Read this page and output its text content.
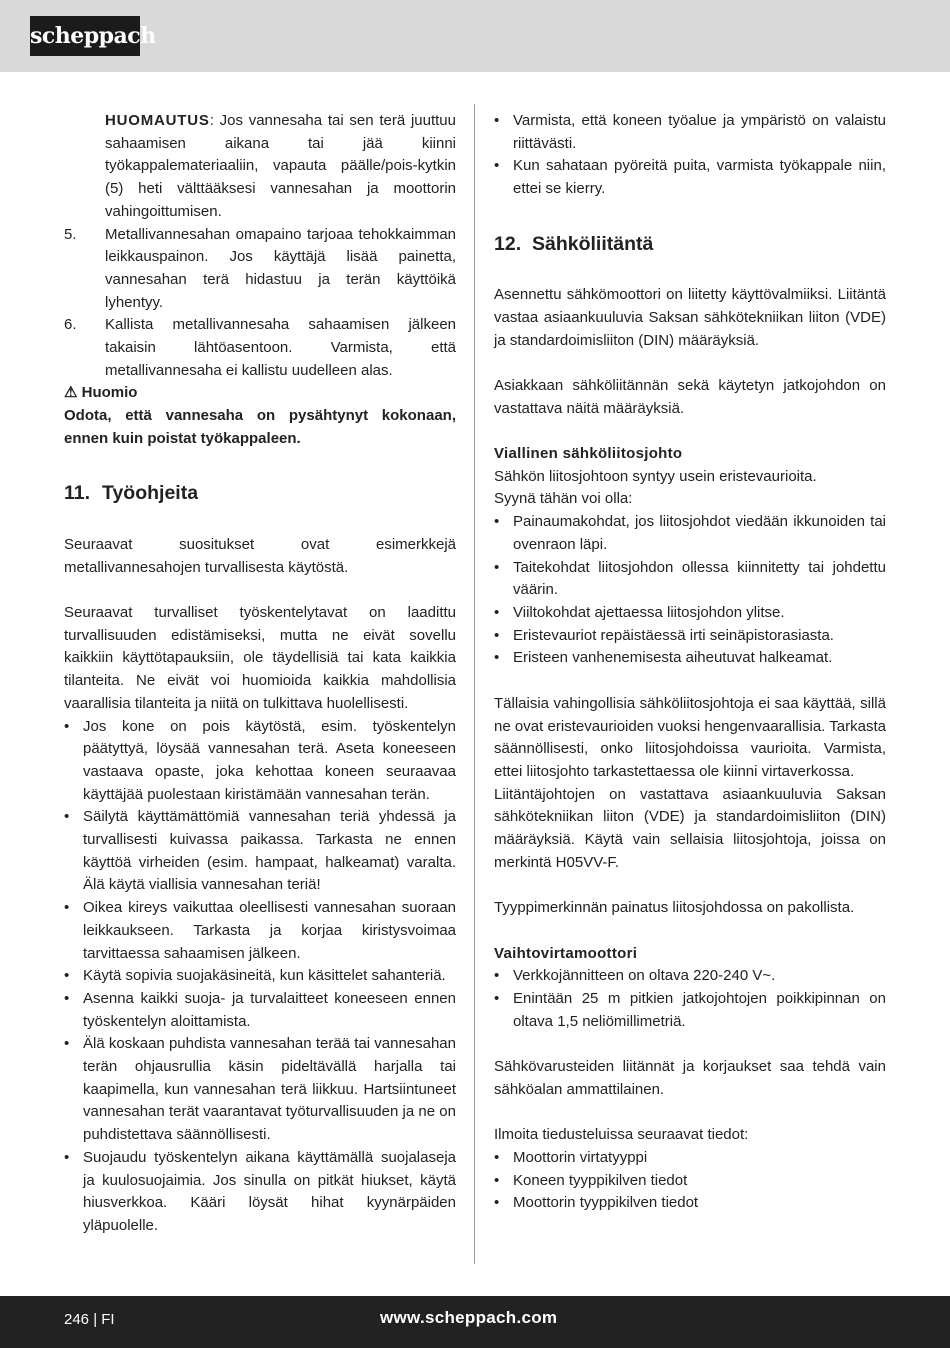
scheppach

HUOMAUTUS: Jos vannesaha tai sen terä juuttuu sahaamisen aikana tai jää kiinni työkappalemateriaaliin, vapauta päälle/pois-kytkin (5) heti välttääksesi vannesahan ja moottorin vahingoittumisen.

5. Metallivannesahan omapaino tarjoaa tehokkaimman leikkauspainon. Jos käyttäjä lisää painetta, vannesahan terä hidastuu ja terän käyttöikä lyhentyy.
6. Kallista metallivannesaha sahaamisen jälkeen takaisin lähtöasentoon. Varmista, että metallivannesaha ei kallistu uudelleen alas.

⚠ Huomio

Odota, että vannesaha on pysähtynyt kokonaan, ennen kuin poistat työkappaleen.

11. Työohjeita

Seuraavat suositukset ovat esimerkkejä metallivannesahojen turvallisesta käytöstä.

Seuraavat turvalliset työskentelytavat on laadittu turvallisuuden edistämiseksi, mutta ne eivät sovellu kaikkiin käyttötapauksiin, ole täydellisiä tai kata kaikkia tilanteita. Ne eivät voi huomioida kaikkia mahdollisia vaarallisia tilanteita ja niitä on tulkittava huolellisesti.

• Jos kone on pois käytöstä, esim. työskentelyn päätyttyä, löysää vannesahan terä. Aseta koneeseen vastaava opaste, joka kehottaa koneen seuraavaa käyttäjää puolestaan kiristämään vannesahan terän.
• Säilytä käyttämättömiä vannesahan teriä yhdessä ja turvallisesti kuivassa paikassa. Tarkasta ne ennen käyttöä virheiden (esim. hampaat, halkeamat) varalta. Älä käytä viallisia vannesahan teriä!
• Oikea kireys vaikuttaa oleellisesti vannesahan suoraan leikkaukseen. Tarkasta ja korjaa kiristysvoimaa tarvittaessa sahaamisen jälkeen.
• Käytä sopivia suojakäsineitä, kun käsittelet sahanteriä.
• Asenna kaikki suoja- ja turvalaitteet koneeseen ennen työskentelyn aloittamista.
• Älä koskaan puhdista vannesahan terää tai vannesahan terän ohjausrullia käsin pideltävällä harjalla tai kaapimella, kun vannesahan terä liikkuu. Hartsiintuneet vannesahan terät vaarantavat työturvallisuuden ja ne on puhdistettava säännöllisesti.
• Suojaudu työskentelyn aikana käyttämällä suojalaseja ja kuulosuojaimia. Jos sinulla on pitkät hiukset, käytä hiusverkkoa. Kääri löysät hihat kyynärpäiden yläpuolelle.
• Varmista, että koneen työalue ja ympäristö on valaistu riittävästi.
• Kun sahataan pyöreitä puita, varmista työkappale niin, ettei se kierry.
12. Sähköliitäntä

Asennettu sähkömoottori on liitetty käyttövalmiiksi. Liitäntä vastaa asiaankuuluvia Saksan sähkötekniikan liiton (VDE) ja standardoimisliiton (DIN) määräyksiä.

Asiakkaan sähköliitännän sekä käytetyn jatkojohdon on vastattava näitä määräyksiä.

Viallinen sähköliitosjohto

Sähkön liitosjohtoon syntyy usein eristevaurioita.

Syynä tähän voi olla:

• Painaumakohdat, jos liitosjohdot viedään ikkunoiden tai ovenraon läpi.
• Taitekohdat liitosjohdon ollessa kiinnitetty tai johdettu väärin.
• Viiltokohdat ajettaessa liitosjohdon ylitse.
• Eristevauriot repäistäessä irti seinäpistorasiasta.
• Eristeen vanhenemisesta aiheutuvat halkeamat.

Tällaisia vahingollisia sähköliitosjohtoja ei saa käyttää, sillä ne ovat eristevaurioiden vuoksi hengenvaarallisia. Tarkasta säännöllisesti, onko liitosjohdoissa vaurioita. Varmista, ettei liitosjohto tarkastettaessa ole kiinni virtaverkossa.

Liitäntäjohtojen on vastattava asiaankuuluvia Saksan sähkötekniikan liiton (VDE) ja standardoimisliiton (DIN) määräyksiä. Käytä vain sellaisia liitosjohtoja, joissa on merkintä H05VV-F.

Tyyppimerkinnän painatus liitosjohdossa on pakollista.

Vaihtovirtamoottori

• Verkkojännitteen on oltava 220-240 V~.
• Enintään 25 m pitkien jatkojohtojen poikkipinnan on oltava 1,5 neliömillimetriä.

Sähkövarusteiden liitännät ja korjaukset saa tehdä vain sähköalan ammattilainen.

Ilmoita tiedusteluissa seuraavat tiedot:

• Moottorin virtatyyppi
• Koneen tyyppikilven tiedot
• Moottorin tyyppikilven tiedot
246 | FI	www.scheppach.com
